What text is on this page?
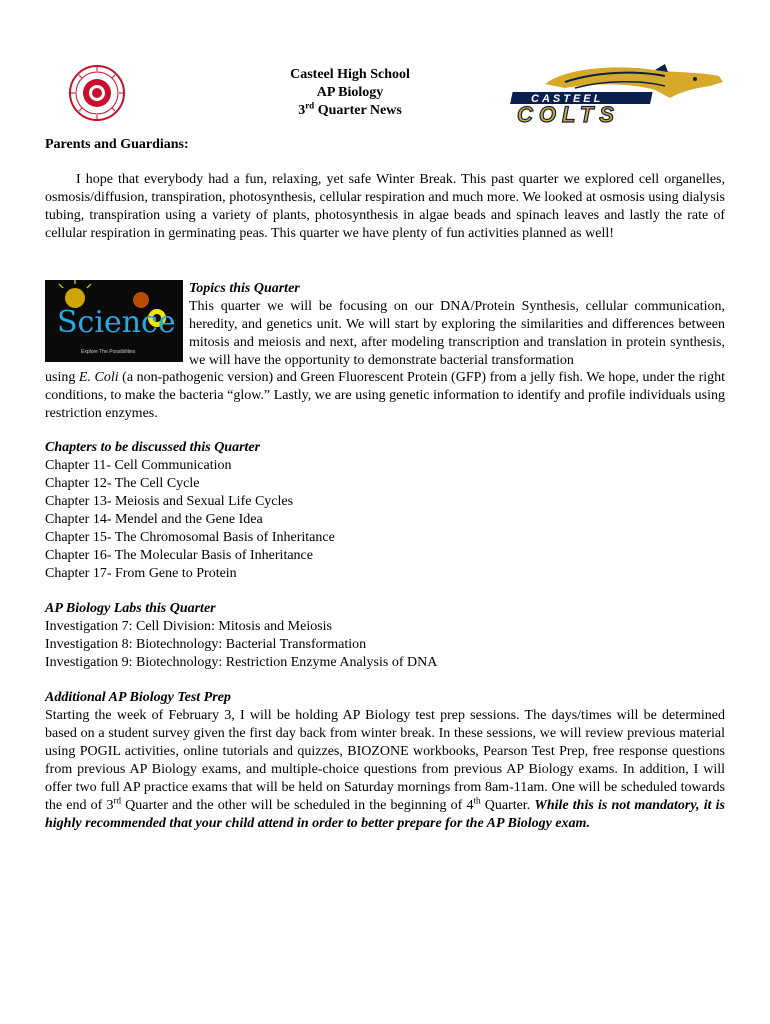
Casteel High School
AP Biology
3rd Quarter News
CASTEEL
COLTS
Parents and Guardians:
I hope that everybody had a fun, relaxing, yet safe Winter Break. This past quarter we explored cell organelles, osmosis/diffusion, transpiration, photosynthesis, cellular respiration and much more. We looked at osmosis using dialysis tubing, transpiration using a variety of plants, photosynthesis in algae beads and spinach leaves and lastly the rate of cellular respiration in germinating peas. This quarter we have plenty of fun activities planned as well!
Science
Explore The Possibilities
Topics this Quarter
This quarter we will be focusing on our DNA/Protein Synthesis, cellular communication, heredity, and genetics unit. We will start by exploring the similarities and differences between mitosis and meiosis and next, after modeling transcription and translation in protein synthesis, we will have the opportunity to demonstrate bacterial transformation
using E. Coli (a non-pathogenic version) and Green Fluorescent Protein (GFP) from a jelly fish. We hope, under the right conditions, to make the bacteria “glow.” Lastly, we are using genetic information to identify and profile individuals using restriction enzymes.
Chapters to be discussed this Quarter
Chapter 11- Cell Communication
Chapter 12- The Cell Cycle
Chapter 13- Meiosis and Sexual Life Cycles
Chapter 14- Mendel and the Gene Idea
Chapter 15- The Chromosomal Basis of Inheritance
Chapter 16- The Molecular Basis of Inheritance
Chapter 17- From Gene to Protein
AP Biology Labs this Quarter
Investigation 7: Cell Division: Mitosis and Meiosis
Investigation 8: Biotechnology: Bacterial Transformation
Investigation 9: Biotechnology: Restriction Enzyme Analysis of DNA
Additional AP Biology Test Prep
Starting the week of February 3, I will be holding AP Biology test prep sessions. The days/times will be determined based on a student survey given the first day back from winter break. In these sessions, we will review previous material using POGIL activities, online tutorials and quizzes, BIOZONE workbooks, Pearson Test Prep, free response questions from previous AP Biology exams, and multiple-choice questions from previous AP Biology exams. In addition, I will offer two full AP practice exams that will be held on Saturday mornings from 8am-11am. One will be scheduled towards the end of 3rd Quarter and the other will be scheduled in the beginning of 4th Quarter. While this is not mandatory, it is highly recommended that your child attend in order to better prepare for the AP Biology exam.
